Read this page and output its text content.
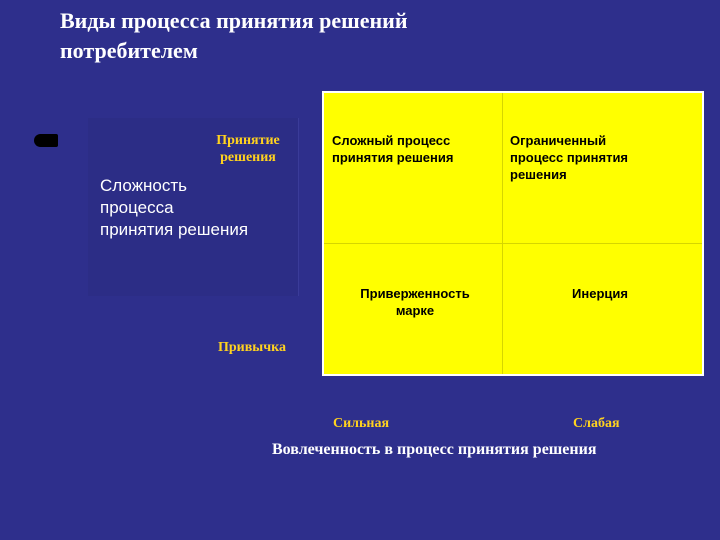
Виды процесса принятия решений
потребителем
Принятие
решения
Сложность
процесса
принятия решения
Привычка
Сложный процесс
принятия решения
Ограниченный
процесс принятия
решения
Приверженность
марке
Инерция
Сильная	Слабая
Вовлеченность в процесс принятия решения
